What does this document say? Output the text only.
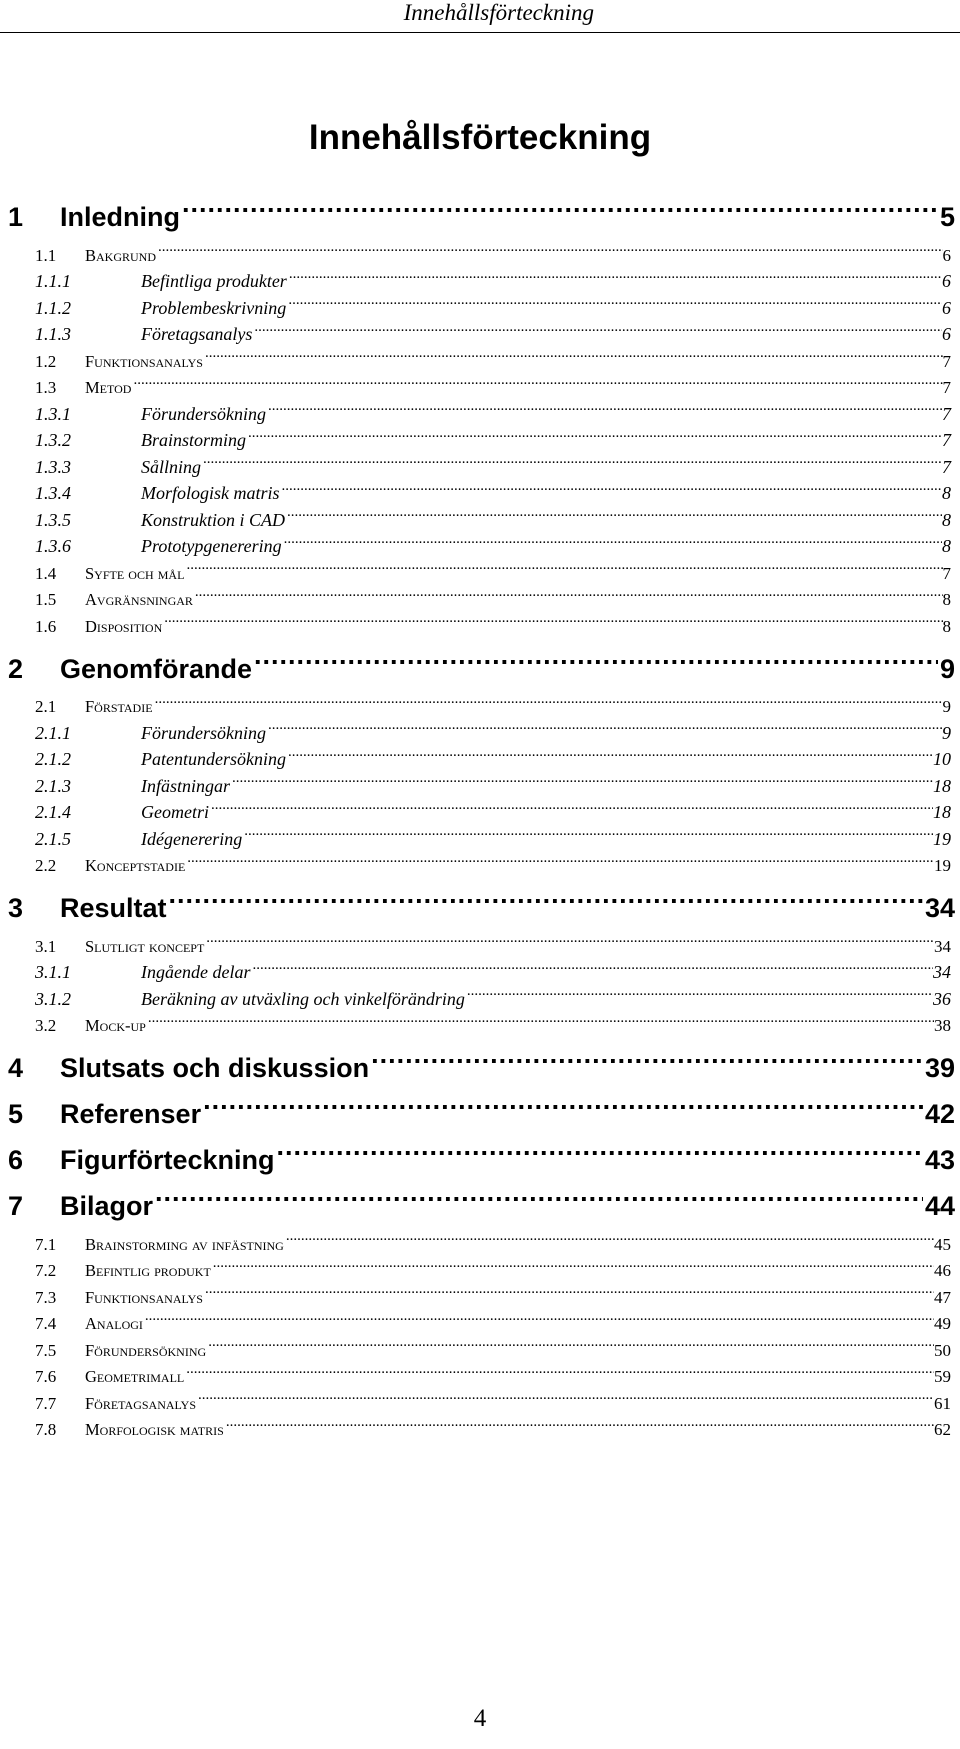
Innehållsförteckning
Innehållsförteckning
1	Inledning .....	5
1.1	Bakgrund .....	6
1.1.1	Befintliga produkter .....	6
1.1.2	Problembeskrivning .....	6
1.1.3	Företagsanalys .....	6
1.2	Funktionsanalys .....	7
1.3	Metod .....	7
1.3.1	Förundersökning .....	7
1.3.2	Brainstorming .....	7
1.3.3	Sållning .....	7
1.3.4	Morfologisk matris .....	8
1.3.5	Konstruktion i CAD .....	8
1.3.6	Prototypgenerering .....	8
1.4	Syfte och mål .....	7
1.5	Avgränsningar .....	8
1.6	Disposition .....	8
2	Genomförande .....	9
2.1	Förstadie .....	9
2.1.1	Förundersökning .....	9
2.1.2	Patentundersökning .....	10
2.1.3	Infästningar .....	18
2.1.4	Geometri .....	18
2.1.5	Idégenerering .....	19
2.2	Konceptstadie .....	19
3	Resultat .....	34
3.1	Slutligt koncept .....	34
3.1.1	Ingående delar .....	34
3.1.2	Beräkning av utväxling och vinkelförändring .....	36
3.2	Mock-up .....	38
4	Slutsats och diskussion .....	39
5	Referenser .....	42
6	Figurförteckning .....	43
7	Bilagor .....	44
7.1	Brainstorming av infästning .....	45
7.2	Befintlig produkt .....	46
7.3	Funktionsanalys .....	47
7.4	Analogi .....	49
7.5	Förundersökning .....	50
7.6	Geometrimall .....	59
7.7	Företagsanalys .....	61
7.8	Morfologisk matris .....	62
4
